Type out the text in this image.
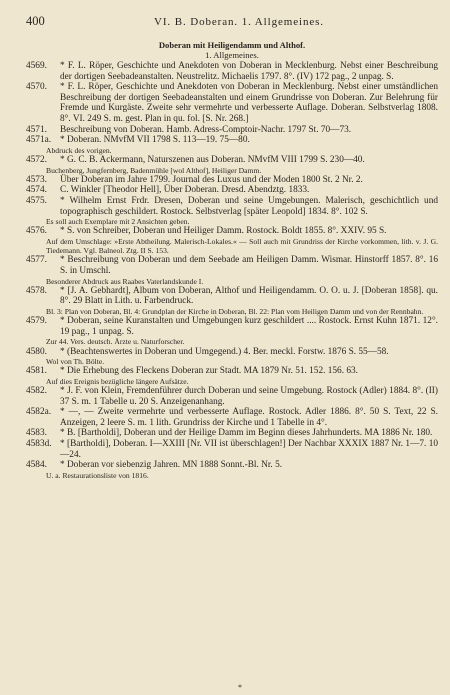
400	VI. B. Doberan. 1. Allgemeines.
Doberan mit Heiligendamm und Althof.
1. Allgemeines.
4569.	* F. L. Röper, Geschichte und Anekdoten von Doberan in Mecklenburg. Nebst einer Beschreibung der dortigen Seebadeanstalten. Neustrelitz. Michaelis 1797. 8°. (IV) 172 pag., 2 unpag. S.
4570.	* F. L. Röper, Geschichte und Anekdoten von Doberan in Mecklenburg. Nebst einer umständlichen Beschreibung der dortigen Seebadeanstalten und einem Grundrisse von Doberan. Zur Belehrung für Fremde und Kurgäste. Zweite sehr vermehrte und verbesserte Auflage. Doberan. Selbstverlag 1808. 8°. VI. 249 S. m. gest. Plan in qu. fol. [S. Nr. 268.]
4571.	Beschreibung von Doberan. Hamb. Adress-Comptoir-Nachr. 1797 St. 70—73.
4571a. * Doberan. NMvfM VII 1798 S. 113—19. 75—80.
Abdruck des vorigen.
4572.	* G. C. B. Ackermann, Naturszenen aus Doberan. NMvfM VIII 1799 S. 230—40.
Buchenberg, Jungfernberg, Badenmühle [wol Althof], Heiliger Damm.
4573.	Über Doberan im Jahre 1799. Journal des Luxus und der Moden 1800 St. 2 Nr. 2.
4574.	C. Winkler [Theodor Hell], Über Doberan. Dresd. Abendztg. 1833.
4575.	* Wilhelm Ernst Frdr. Dresen, Doberan und seine Umgebungen. Malerisch, geschichtlich und topographisch geschildert. Rostock. Selbstverlag [später Leopold] 1834. 8°. 102 S.
Es soll auch Exemplare mit 2 Ansichten geben.
4576.	* S. von Schreiber, Doberan und Heiliger Damm. Rostock. Boldt 1855. 8°. XXIV. 95 S.
Auf dem Umschlage: »Erste Abtheilung. Malerisch-Lokales.« — Soll auch mit Grundriss der Kirche vorkommen, lith. v. J. G. Tiedemann. Vgl. Balneol. Ztg. II S. 153.
4577.	* Beschreibung von Doberan und dem Seebade am Heiligen Damm. Wismar. Hinstorff 1857. 8°. 16 S. in Umschl.
Besonderer Abdruck aus Raabes Vaterlandskunde I.
4578.	* [J. A. Gebhardt], Album von Doberan, Althof und Heiligendamm. O. O. u. J. [Doberan 1858]. qu. 8°. 29 Blatt in Lith. u. Farbendruck.
Bl. 3: Plan von Doberan, Bl. 4: Grundplan der Kirche in Doberan, Bl. 22: Plan vom Heiligen Damm und von der Rennbahn.
4579.	* Doberan, seine Kuranstalten und Umgebungen kurz geschildert .... Rostock. Ernst Kuhn 1871. 12°. 19 pag., 1 unpag. S.
Zur 44. Vers. deutsch. Ärzte u. Naturforscher.
4580.	* (Beachtenswertes in Doberan und Umgegend.) 4. Ber. meckl. Forstw. 1876 S. 55—58.
Wol von Th. Bölte.
4581.	* Die Erhebung des Fleckens Doberan zur Stadt. MA 1879 Nr. 51. 152. 156. 63.
Auf dies Ereignis bezügliche längere Aufsätze.
4582.	* J. F. von Klein, Fremdenführer durch Doberan und seine Umgebung. Rostock (Adler) 1884. 8°. (II) 37 S. m. 1 Tabelle u. 20 S. Anzeigenanhang.
4582a. * —, — Zweite vermehrte und verbesserte Auflage. Rostock. Adler 1886. 8°. 50 S. Text, 22 S. Anzeigen, 2 leere S. m. 1 lith. Grundriss der Kirche und 1 Tabelle in 4°.
4583.	* B. [Bartholdi], Doberan und der Heilige Damm im Beginn dieses Jahrhunderts. MA 1886 Nr. 180.
4583d. * [Bartholdi], Doberan. I—XXIII [Nr. VII ist überschlagen!] Der Nachbar XXXIX 1887 Nr. 1—7. 10—24.
4584.	* Doberan vor siebenzig Jahren. MN 1888 Sonnt.-Bl. Nr. 5.
U. a. Restaurationsliste von 1816.
*
